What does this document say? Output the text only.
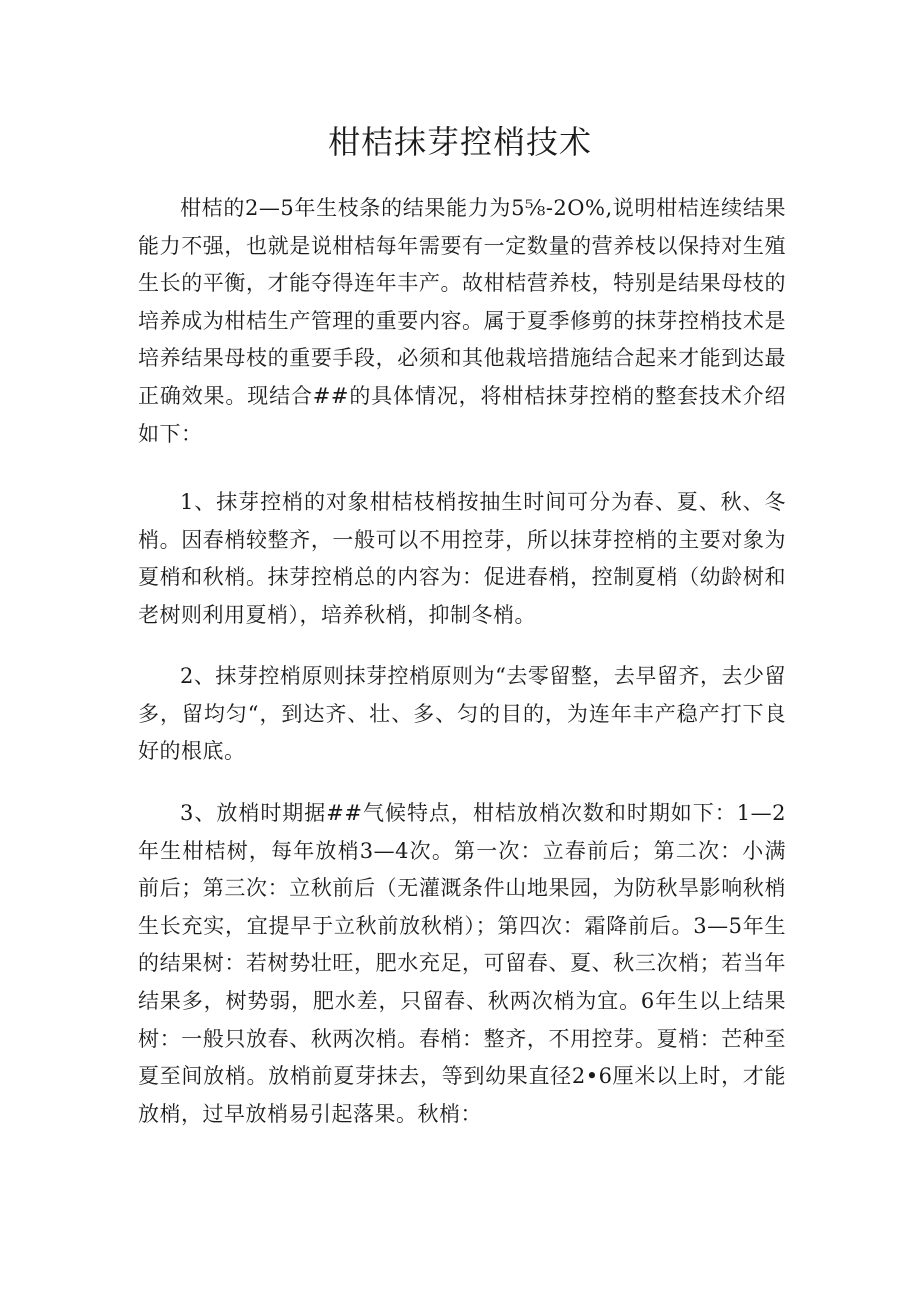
柑桔抹芽控梢技术

柑桔的2—5年生枝条的结果能力为5⅝-2O%,说明柑桔连续结果能力不强，也就是说柑桔每年需要有一定数量的营养枝以保持对生殖生长的平衡，才能夺得连年丰产。故柑桔营养枝，特别是结果母枝的培养成为柑桔生产管理的重要内容。属于夏季修剪的抹芽控梢技术是培养结果母枝的重要手段，必须和其他栽培措施结合起来才能到达最正确效果。现结合##的具体情况，将柑桔抹芽控梢的整套技术介绍如下：

1、抹芽控梢的对象柑桔枝梢按抽生时间可分为春、夏、秋、冬梢。因春梢较整齐，一般可以不用控芽，所以抹芽控梢的主要对象为夏梢和秋梢。抹芽控梢总的内容为：促进春梢，控制夏梢（幼龄树和老树则利用夏梢），培养秋梢，抑制冬梢。

2、抹芽控梢原则抹芽控梢原则为“去零留整，去早留齐，去少留多，留均匀“，到达齐、壮、多、匀的目的，为连年丰产稳产打下良好的根底。

3、放梢时期据##气候特点，柑桔放梢次数和时期如下：1—2年生柑桔树，每年放梢3—4次。第一次：立春前后；第二次：小满前后；第三次：立秋前后（无灌溉条件山地果园，为防秋旱影响秋梢生长充实，宜提早于立秋前放秋梢）；第四次：霜降前后。3—5年生的结果树：若树势壮旺，肥水充足，可留春、夏、秋三次梢；若当年结果多，树势弱，肥水差，只留春、秋两次梢为宜。6年生以上结果树：一般只放春、秋两次梢。春梢：整齐，不用控芽。夏梢：芒种至夏至间放梢。放梢前夏芽抹去，等到幼果直径2•6厘米以上时，才能放梢，过早放梢易引起落果。秋梢：
